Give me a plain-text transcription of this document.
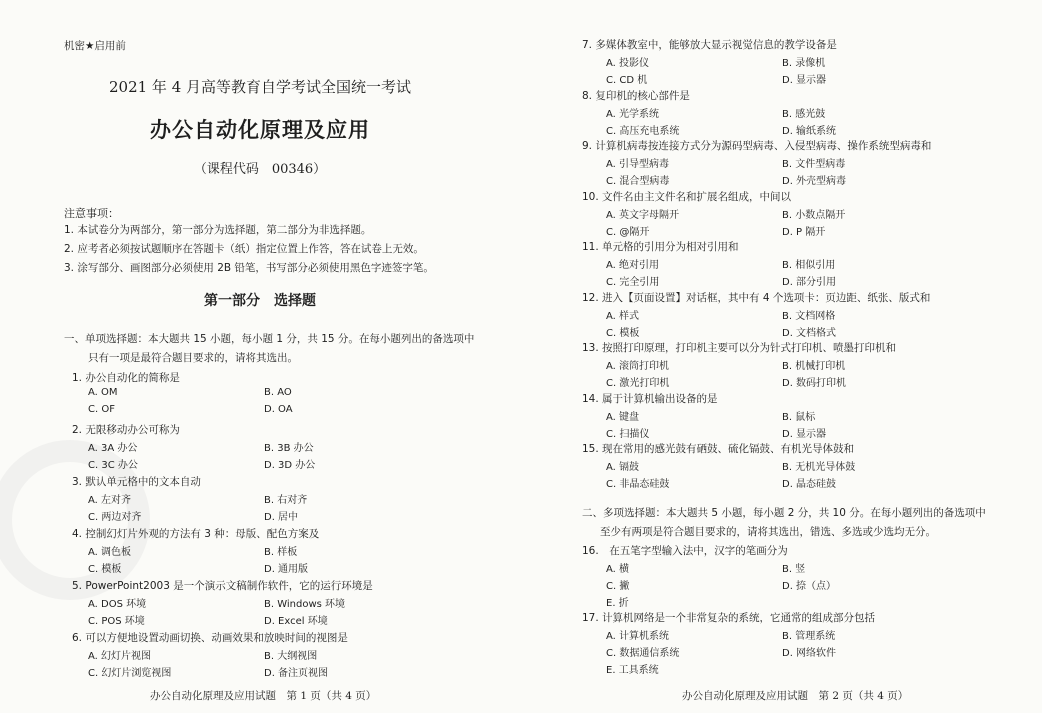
机密★启用前
2021 年 4 月高等教育自学考试全国统一考试
办公自动化原理及应用
（课程代码　00346）
注意事项：
1. 本试卷分为两部分，第一部分为选择题，第二部分为非选择题。
2. 应考者必须按试题顺序在答题卡（纸）指定位置上作答，答在试卷上无效。
3. 涂写部分、画图部分必须使用 2B 铅笔，书写部分必须使用黑色字迹签字笔。
第一部分　选择题
一、单项选择题：本大题共 15 小题，每小题 1 分，共 15 分。在每小题列出的备选项中
只有一项是最符合题目要求的，请将其选出。
1. 办公自动化的简称是
A. OM	B. AO
C. OF	D. OA
2. 无限移动办公可称为
A. 3A 办公	B. 3B 办公
C. 3C 办公	D. 3D 办公
3. 默认单元格中的文本自动
A. 左对齐	B. 右对齐
C. 两边对齐	D. 居中
4. 控制幻灯片外观的方法有 3 种：母版、配色方案及
A. 调色板	B. 样板
C. 模板	D. 通用版
5. PowerPoint2003 是一个演示文稿制作软件，它的运行环境是
A. DOS 环境	B. Windows 环境
C. POS 环境	D. Excel 环境
6. 可以方便地设置动画切换、动画效果和放映时间的视图是
A. 幻灯片视图	B. 大纲视图
C. 幻灯片浏览视图	D. 备注页视图
办公自动化原理及应用试题　第 1 页（共 4 页）
7. 多媒体教室中，能够放大显示视觉信息的教学设备是
A. 投影仪	B. 录像机
C. CD 机	D. 显示器
8. 复印机的核心部件是
A. 光学系统	B. 感光鼓
C. 高压充电系统	D. 输纸系统
9. 计算机病毒按连接方式分为源码型病毒、入侵型病毒、操作系统型病毒和
A. 引导型病毒	B. 文件型病毒
C. 混合型病毒	D. 外壳型病毒
10. 文件名由主文件名和扩展名组成，中间以
A. 英文字母隔开	B. 小数点隔开
C. @隔开	D. P 隔开
11. 单元格的引用分为相对引用和
A. 绝对引用	B. 相似引用
C. 完全引用	D. 部分引用
12. 进入【页面设置】对话框，其中有 4 个选项卡：页边距、纸张、版式和
A. 样式	B. 文档网格
C. 模板	D. 文档格式
13. 按照打印原理，打印机主要可以分为针式打印机、喷墨打印机和
A. 滚筒打印机	B. 机械打印机
C. 激光打印机	D. 数码打印机
14. 属于计算机输出设备的是
A. 键盘	B. 鼠标
C. 扫描仪	D. 显示器
15. 现在常用的感光鼓有硒鼓、硫化镉鼓、有机光导体鼓和
A. 镉鼓	B. 无机光导体鼓
C. 非晶态硅鼓	D. 晶态硅鼓
二、多项选择题：本大题共 5 小题，每小题 2 分，共 10 分。在每小题列出的备选项中
至少有两项是符合题目要求的，请将其选出，错选、多选或少选均无分。
16.　在五笔字型输入法中，汉字的笔画分为
A. 横	B. 竖
C. 撇	D. 捺（点）
E. 折
17. 计算机网络是一个非常复杂的系统，它通常的组成部分包括
A. 计算机系统	B. 管理系统
C. 数据通信系统	D. 网络软件
E. 工具系统
办公自动化原理及应用试题　第 2 页（共 4 页）
